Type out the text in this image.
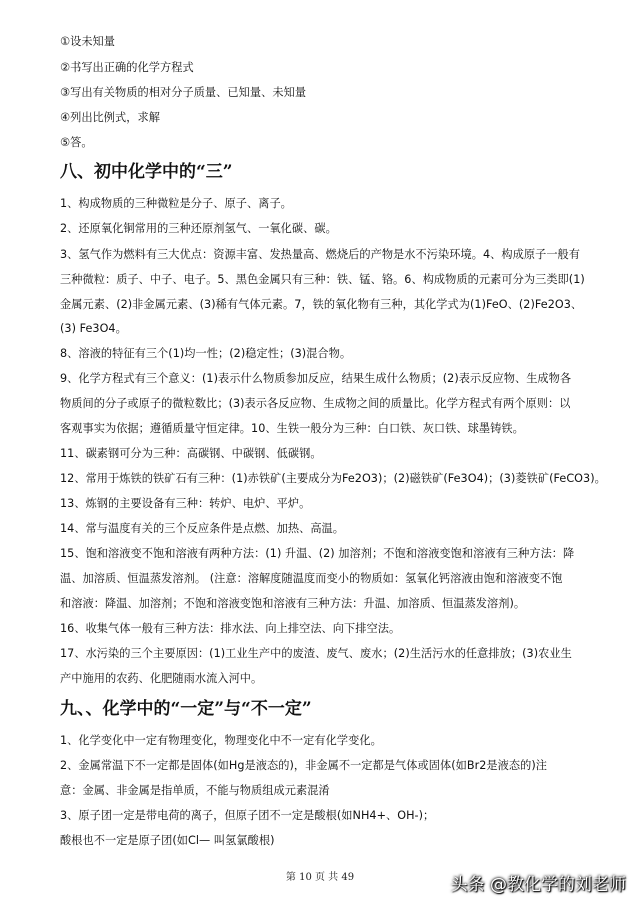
①设未知量
②书写出正确的化学方程式
③写出有关物质的相对分子质量、已知量、未知量
④列出比例式，求解
⑤答。
八、初中化学中的“三”
1、构成物质的三种微粒是分子、原子、离子。
2、还原氧化铜常用的三种还原剂氢气、一氧化碳、碳。
3、氢气作为燃料有三大优点：资源丰富、发热量高、燃烧后的产物是水不污染环境。4、构成原子一般有
三种微粒：质子、中子、电子。5、黑色金属只有三种：铁、锰、铬。6、构成物质的元素可分为三类即(1)
金属元素、(2)非金属元素、(3)稀有气体元素。7，铁的氧化物有三种，其化学式为(1)FeO、(2)Fe2O3、
(3) Fe3O4。
8、溶液的特征有三个(1)均一性；(2)稳定性；(3)混合物。
9、化学方程式有三个意义：(1)表示什么物质参加反应，结果生成什么物质；(2)表示反应物、生成物各
物质间的分子或原子的微粒数比；(3)表示各反应物、生成物之间的质量比。化学方程式有两个原则：以
客观事实为依据；遵循质量守恒定律。10、生铁一般分为三种：白口铁、灰口铁、球墨铸铁。
11、碳素钢可分为三种：高碳钢、中碳钢、低碳钢。
12、常用于炼铁的铁矿石有三种：(1)赤铁矿(主要成分为Fe2O3)；(2)磁铁矿(Fe3O4)；(3)菱铁矿(FeCO3)。
13、炼钢的主要设备有三种：转炉、电炉、平炉。
14、常与温度有关的三个反应条件是点燃、加热、高温。
15、饱和溶液变不饱和溶液有两种方法：(1) 升温、(2) 加溶剂；不饱和溶液变饱和溶液有三种方法：降
温、加溶质、恒温蒸发溶剂。 (注意：溶解度随温度而变小的物质如：氢氧化钙溶液由饱和溶液变不饱
和溶液：降温、加溶剂；不饱和溶液变饱和溶液有三种方法：升温、加溶质、恒温蒸发溶剂)。
16、收集气体一般有三种方法：排水法、向上排空法、向下排空法。
17、水污染的三个主要原因：(1)工业生产中的废渣、废气、废水；(2)生活污水的任意排放；(3)农业生
产中施用的农药、化肥随雨水流入河中。
九、、化学中的“一定”与“不一定”
1、化学变化中一定有物理变化，物理变化中不一定有化学变化。
2、金属常温下不一定都是固体(如Hg是液态的)，非金属不一定都是气体或固体(如Br2是液态的)注
意：金属、非金属是指单质，不能与物质组成元素混淆
3、原子团一定是带电荷的离子，但原子团不一定是酸根(如NH4+、OH-)；
酸根也不一定是原子团(如Cl— 叫氢氯酸根)
第 10 页 共 49	头条 @教化学的刘老师
